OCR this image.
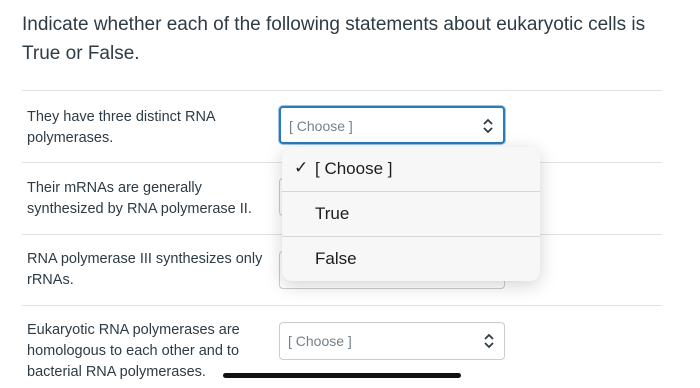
Indicate whether each of the following statements about eukaryotic cells is True or False.
They have three distinct RNA polymerases.
[ Choose ]
Their mRNAs are generally synthesized by RNA polymerase II.
RNA polymerase III synthesizes only rRNAs.
Eukaryotic RNA polymerases are homologous to each other and to bacterial RNA polymerases.
[ Choose ]
✓ [ Choose ]
True
False
